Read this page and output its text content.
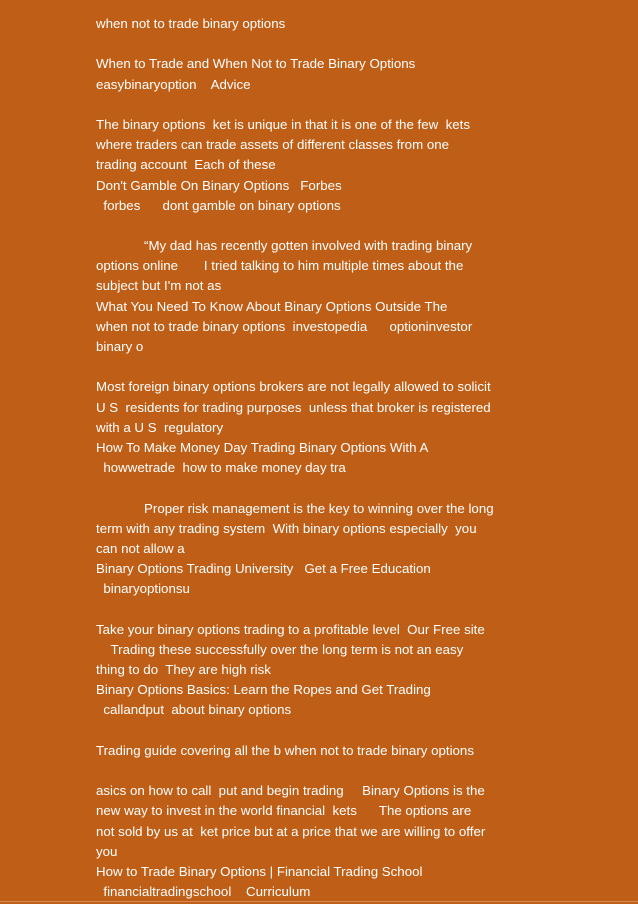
when not to trade binary options
When to Trade and When Not to Trade Binary Options
easybinaryoption    Advice
The binary options  ket is unique in that it is one of the few  kets
where traders can trade assets of different classes from one
trading account  Each of these
Don't Gamble On Binary Options   Forbes
forbes      dont gamble on binary options
“My dad has recently gotten involved with trading binary
options online       I tried talking to him multiple times about the
subject but I'm not as
What You Need To Know About Binary Options Outside The
when not to trade binary options  investopedia      optioninvestor
binary o
Most foreign binary options brokers are not legally allowed to solicit
U S  residents for trading purposes  unless that broker is registered
with a U S  regulatory
How To Make Money Day Trading Binary Options With A
howwetrade  how to make money day tra
Proper risk management is the key to winning over the long
term with any trading system  With binary options especially  you
can not allow a
Binary Options Trading University   Get a Free Education
binaryoptionsu
Take your binary options trading to a profitable level  Our Free site
Trading these successfully over the long term is not an easy
thing to do  They are high risk
Binary Options Basics: Learn the Ropes and Get Trading
callandput  about binary options
Trading guide covering all the b when not to trade binary options
asics on how to call  put and begin trading     Binary Options is the
new way to invest in the world financial  kets      The options are
not sold by us at  ket price but at a price that we are willing to offer
you
How to Trade Binary Options | Financial Trading School
financialtradingschool    Curriculum
